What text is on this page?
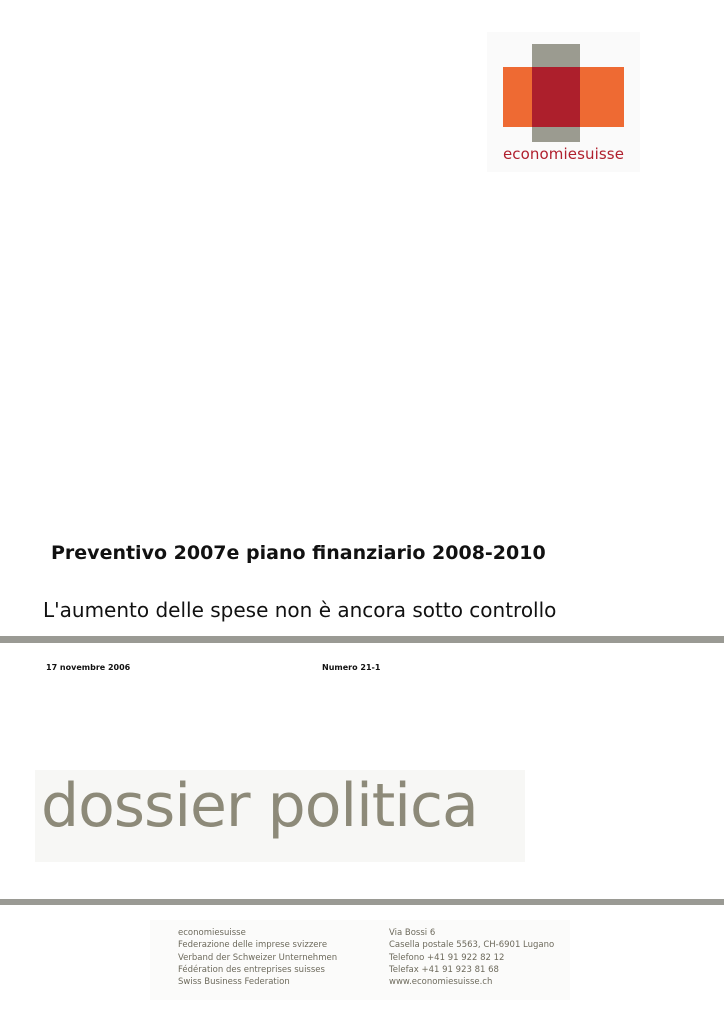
economiesuisse
Preventivo 2007e piano finanziario 2008-2010
L'aumento delle spese non è ancora sotto controllo
17 novembre 2006	Numero 21-1
dossier politica
economiesuisse
Federazione delle imprese svizzere
Verband der Schweizer Unternehmen
Fédération des entreprises suisses
Swiss Business Federation
Via Bossi 6
Casella postale 5563, CH-6901 Lugano
Telefono +41 91 922 82 12
Telefax +41 91 923 81 68
www.economiesuisse.ch
